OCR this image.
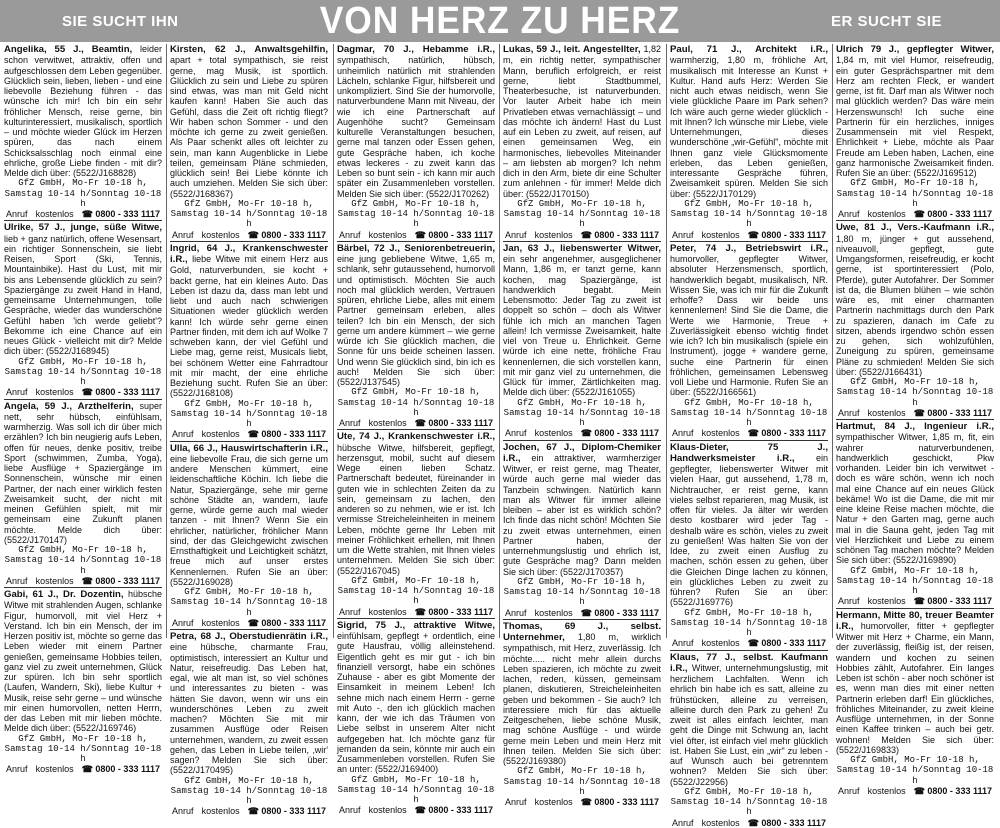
SIE SUCHT IHN	VON HERZ ZU HERZ	ER SUCHT SIE

Angelika, 55 J., Beamtin, leider schon verwitwet, attraktiv, offen und aufgeschlossen dem Leben gegenüber. Glücklich sein, lieben, lieben - und eine liebevolle Beziehung führen - das wünsche ich mir! Ich bin ein sehr fröhlicher Mensch, reise gerne, bin kulturinteressiert, musikalisch, sportlich – und möchte wieder Glück im Herzen spüren, das nach einem Schicksalsschlag noch einmal eine ehrliche, große Liebe finden - mit dir? Melde dich über: (5522/J168828)

GfZ GmbH, Mo-Fr 10-18 h,
Samstag 10-14 h/Sonntag 10-18 h
Anruf kostenlos ☎ 0800 - 333 1117

Ulrike, 57 J., junge, süße Witwe, lieb + ganz natürlich, offene Wesensart, ein richtiger Sonnenschein, sie liebt Reisen, Sport (Ski, Tennis, Mountainbike). Hast du Lust, mit mir bis ans Lebensende glücklich zu sein? Spaziergänge zu zweit Hand in Hand, gemeinsame Unternehmungen, tolle Gespräche, wieder das wunderschöne Gefühl haben 'ich werde geliebt'? Bekomme ich eine Chance auf ein neues Glück - vielleicht mit dir? Melde dich über: (5522/J168945)

GfZ GmbH, Mo-Fr 10-18 h,
Samstag 10-14 h/Sonntag 10-18 h
Anruf kostenlos ☎ 0800 - 333 1117

Angela, 59 J., Arzthelferin, super nett, sehr hübsch, einfühlsam, warmherzig. Was soll ich dir über mich erzählen? Ich bin neugierig aufs Leben, offen für neues, denke positiv, treibe Sport (schwimmen, Zumba, Yoga), liebe Ausflüge + Spaziergänge im Sonnenschein, wünsche mir einen Partner, der nach einer wirklich festen Zweisamkeit sucht, der nicht mit meinen Gefühlen spielt, mit mir gemeinsam eine Zukunft planen möchte. Melde dich über: (5522/J170147)

GfZ GmbH, Mo-Fr 10-18 h,
Samstag 10-14 h/Sonntag 10-18 h
Anruf kostenlos ☎ 0800 - 333 1117

Gabi, 61 J., Dr. Dozentin, hübsche Witwe mit strahlenden Augen, schlanke Figur, humorvoll, mit viel Herz + Verstand. Ich bin ein Mensch, der im Herzen positiv ist, möchte so gerne das Leben wieder mit einem Partner genießen, gemeinsame Hobbies teilen, ganz viel zu zweit unternehmen, Glück zur spüren. Ich bin sehr sportlich (Laufen, Wandern, Ski), liebe Kultur + Musik, reise sehr gerne – und wünsche mir einen humorvollen, netten Herrn, der das Leben mit mir lieben möchte. Melde dich über: (5522/J169746)

GfZ GmbH, Mo-Fr 10-18 h,
Samstag 10-14 h/Sonntag 10-18 h
Anruf kostenlos ☎ 0800 - 333 1117

Kirsten, 62 J., Anwaltsgehilfin, apart + total sympathisch, sie reist gerne, mag Musik, ist sportlich. Glücklich zu sein und Liebe zu spüren sind etwas, was man mit Geld nicht kaufen kann! Haben Sie auch das Gefühl, dass die Zeit oft richtig fliegt? Wir haben schon Sommer - und den möchte ich gerne zu zweit genießen. Als Paar schenkt alles oft leichter zu sein, man kann Augenblicke in Liebe teilen, gemeinsam Pläne schmieden, glücklich sein! Bei Liebe könnte ich auch umziehen. Melden Sie sich über: (5522/J168367)

GfZ GmbH, Mo-Fr 10-18 h,
Samstag 10-14 h/Sonntag 10-18 h
Anruf kostenlos ☎ 0800 - 333 1117

Ingrid, 64 J., Krankenschwester i.R., liebe Witwe mit einem Herz aus Gold, naturverbunden, sie kocht + backt gerne, hat ein kleines Auto. Das Leben ist dazu da, dass man lebt und liebt und auch nach schwierigen Situationen wieder glücklich werden kann! Ich würde sehr gerne einen Partner finden, mit dem ich auf Wolke 7 schweben kann, der viel Gefühl und Liebe mag, gerne reist, Musicals liebt, bei schönem Wetter eine Fahrradtour mit mir macht, der eine ehrliche Beziehung sucht. Rufen Sie an über: (5522/J168108)

GfZ GmbH, Mo-Fr 10-18 h,
Samstag 10-14 h/Sonntag 10-18 h
Anruf kostenlos ☎ 0800 - 333 1117

Ulla, 66 J., Hauswirtschafterin i.R., eine liebevolle Frau, die sich gerne um andere Menschen kümmert, eine leidenschaftliche Köchin. Ich liebe die Natur, Spaziergänge, sehe mir gerne schöne Städte an, wandern, laufe gerne, würde gerne auch mal wieder tanzen - mit Ihnen? Wenn Sie ein ehrlicher, natürlicher, fröhlicher Mann sind, der das Gleichgewicht zwischen Ernsthaftigkeit und Leichtigkeit schätzt, freue mich auf unser erstes Kennenlernen. Rufen Sie an über: (5522/J169028)

GfZ GmbH, Mo-Fr 10-18 h,
Samstag 10-14 h/Sonntag 10-18 h
Anruf kostenlos ☎ 0800 - 333 1117

Petra, 68 J., Oberstudienrätin i.R., eine hübsche, charmante Frau, optimistisch, interessiert an Kultur und Natur, reisefreudig. Das Leben hat, egal, wie alt man ist, so viel schönes und interessantes zu bieten - was hätten Sie davon, wenn wir uns ein wunderschönes Leben zu zweit machen? Möchten Sie mit mir zusammen Ausflüge oder Reisen unternehmen, wandern, zu zweit essen gehen, das Leben in Liebe teilen, ‚wir' sagen? Melden Sie sich über: (5522/J170495)

GfZ GmbH, Mo-Fr 10-18 h,
Samstag 10-14 h/Sonntag 10-18 h
Anruf kostenlos ☎ 0800 - 333 1117

Dagmar, 70 J., Hebamme i.R., sympathisch, natürlich, hübsch, unheimlich natürlich mit strahlenden Lächeln, schlanke Figur, hilfsbereit und unkompliziert. Sind Sie der humorvolle, naturverbundene Mann mit Niveau, der wie ich eine Partnerschaft auf Augenhöhe sucht? Gemeinsam kulturelle Veranstaltungen besuchen, gerne mal tanzen oder Essen gehen, gute Gespräche haben, ich koche etwas leckeres - zu zweit kann das Leben so bunt sein - ich kann mir auch später ein Zusammenleben vorstellen. Melden Sie sich über: (5522/J170262)

GfZ GmbH, Mo-Fr 10-18 h,
Samstag 10-14 h/Sonntag 10-18 h
Anruf kostenlos ☎ 0800 - 333 1117

Bärbel, 72 J., Seniorenbetreuerin, eine jung gebliebene Witwe, 1,65 m, schlank, sehr gutaussehend, humorvoll und optimistisch. Möchten Sie auch noch mal glücklich werden, Vertrauen spüren, ehrliche Liebe, alles mit einem Partner gemeinsam erleben, alles teilen? Ich bin ein Mensch, der sich gerne um andere kümmert – wie gerne würde ich Sie glücklich machen, die Sonne für uns beide scheinen lassen. Und wenn Sie glücklich sind, bin ich es auch! Melden Sie sich über: (5522/J137545)

GfZ GmbH, Mo-Fr 10-18 h,
Samstag 10-14 h/Sonntag 10-18 h
Anruf kostenlos ☎ 0800 - 333 1117

Ute, 74 J., Krankenschwester i.R., hübsche Witwe, hilfsbereit, gepflegt, herzensgut, mobil, sucht auf diesem Wege einen lieben Schatz. Partnerschaft bedeutet, füreinander in guten wie in schlechten Zeiten da zu sein, gemeinsam zu lachen, den anderen so zu nehmen, wie er ist. Ich vermisse Streicheleinheiten in meinem Leben, möchte gerne Ihr Leben mit meiner Fröhlichkeit erhellen, mit Ihnen um die Wette strahlen, mit Ihnen vieles unternehmen. Melden Sie sich über: (5522/J167045)

GfZ GmbH, Mo-Fr 10-18 h,
Samstag 10-14 h/Sonntag 10-18 h
Anruf kostenlos ☎ 0800 - 333 1117

Sigrid, 75 J., attraktive Witwe, einfühlsam, gepflegt + ordentlich, eine gute Hausfrau, völlig alleinstehend. Eigentlich geht es mir gut - ich bin finanziell versorgt, habe ein schönes Zuhause - aber es gibt Momente der Einsamkeit in meinem Leben! Ich sehne mich nach einem Herrn - gerne mit Auto -, den ich glücklich machen kann, der wie ich das Träumen von Liebe selbst in unserem Alter nicht aufgegeben hat. Ich möchte ganz für jemanden da sein, könnte mir auch ein Zusammenleben vorstellen. Rufen Sie an unter: (5522/J169400)

GfZ GmbH, Mo-Fr 10-18 h,
Samstag 10-14 h/Sonntag 10-18 h
Anruf kostenlos ☎ 0800 - 333 1117

Lukas, 59 J., leit. Angestellter, 1,82 m, ein richtig netter, sympathischer Mann, beruflich erfolgreich, er reist gerne, liebt Stadtbummel, Theaterbesuche, ist naturverbunden. Vor lauter Arbeit habe ich mein Privatleben etwas vernachlässigt – und das möchte ich ändern! Hast du Lust auf ein Leben zu zweit, auf reisen, auf einen gemeinsamen Weg, ein harmonisches, liebevolles Miteinander – am liebsten ab morgen? Ich nehm dich in den Arm, biete dir eine Schulter zum anlehnen - für immer! Melde dich über: (5522/J170150)

GfZ GmbH, Mo-Fr 10-18 h,
Samstag 10-14 h/Sonntag 10-18 h
Anruf kostenlos ☎ 0800 - 333 1117

Jan, 63 J., liebenswerter Witwer, ein sehr angenehmer, ausgeglichener Mann, 1,86 m, er tanzt gerne, kann kochen, mag Spaziergänge, ist handwerklich begabt. Mein Lebensmotto: Jeder Tag zu zweit ist doppelt so schön – doch als Witwer fühle ich mich an manchen Tagen allein! Ich vermisse Zweisamkeit, halte viel von Treue u. Ehrlichkeit. Gerne würde ich eine nette, fröhliche Frau kennenlernen, die sich vorstellen kann, mit mir ganz viel zu unternehmen, die Glück für immer, Zärtlichkeiten mag. Melde dich über: (5522/J161055)

GfZ GmbH, Mo-Fr 10-18 h,
Samstag 10-14 h/Sonntag 10-18 h
Anruf kostenlos ☎ 0800 - 333 1117

Jochen, 67 J., Diplom-Chemiker i.R., ein attraktiver, warmherziger Witwer, er reist gerne, mag Theater, würde auch gerne mal wieder das Tanzbein schwingen. Natürlich kann man als Witwer für immer alleine bleiben – aber ist es wirklich schön? Ich finde das nicht schön! Möchten Sie zu zweit etwas unternehmen, einen Partner haben, der unternehmungslustig und ehrlich ist, gute Gespräche mag? Dann melden Sie sich über: (5522/J170357)

GfZ GmbH, Mo-Fr 10-18 h,
Samstag 10-14 h/Sonntag 10-18 h
Anruf kostenlos ☎ 0800 - 333 1117

Thomas, 69 J., selbst. Unternehmer, 1,80 m, wirklich sympathisch, mit Herz, zuverlässig. Ich möchte..... nicht mehr allein durchs Leben spazieren, ich möchte zu zweit lachen, reden, küssen, gemeinsam planen, diskutieren, Streicheleinheiten geben und bekommen - Sie auch? Ich interessiere mich für das aktuelle Zeitgeschehen, liebe schöne Musik, mag schöne Ausflüge - und würde gerne mein Leben und mein Herz mit Ihnen teilen. Melden Sie sich über: (5522/J169380)

GfZ GmbH, Mo-Fr 10-18 h,
Samstag 10-14 h/Sonntag 10-18 h
Anruf kostenlos ☎ 0800 - 333 1117

Paul, 71 J., Architekt i.R., warmherzig, 1,80 m, fröhliche Art, musikalisch mit Interesse an Kunst + Kultur. Hand aufs Herz: Werden Sie nicht auch etwas neidisch, wenn Sie viele glückliche Paare im Park sehen? Ich wäre auch gerne wieder glücklich - mit Ihnen? Ich wünsche mir Liebe, viele Unternehmungen, dieses wunderschöne „wir-Gefühl", möchte mit Ihnen ganz viele Glücksmomente erleben, das Leben genießen, interessante Gespräche führen, Zweisamkeit spüren. Melden Sie sich über: (5522/J170129)

GfZ GmbH, Mo-Fr 10-18 h,
Samstag 10-14 h/Sonntag 10-18 h
Anruf kostenlos ☎ 0800 - 333 1117

Peter, 74 J., Betriebswirt i.R., humorvoller, gepflegter Witwer, absoluter Herzensmensch, sportlich, handwerklich begabt, musikalisch, NR. Wissen Sie, was ich mir für die Zukunft erhoffe? Dass wir beide uns kennenlernen! Sind Sie die Dame, die Werte wie Harmonie, Treue + Zuverlässigkeit ebenso wichtig findet wie ich? Ich bin musikalisch (spiele ein Instrument), jogge + wandere gerne, suche eine Partnerin für einen fröhlichen, gemeinsamen Lebensweg voll Liebe und Harmonie. Rufen Sie an über: (5522/J166561)

GfZ GmbH, Mo-Fr 10-18 h,
Samstag 10-14 h/Sonntag 10-18 h
Anruf kostenlos ☎ 0800 - 333 1117

Klaus-Dieter, 75 J., Handwerksmeister i.R., ein gepflegter, liebenswerter Witwer mit vielen Haar, gut aussehend, 1,78 m, Nichtraucher, er reist gerne, kann vieles selbst reparieren, mag Musik, ist offen für vieles. Ja älter wir werden desto kostbarer wird jeder Tag - deshalb wäre es schön, vieles zu zweit zu genießen! Was halten Sie von der Idee, zu zweit einen Ausflug zu machen, schön essen zu gehen, über die Gleichen Dinge lachen zu können, ein glückliches Leben zu zweit zu führen? Rufen Sie an über: (5522/J169776)

GfZ GmbH, Mo-Fr 10-18 h,
Samstag 10-14 h/Sonntag 10-18 h
Anruf kostenlos ☎ 0800 - 333 1117

Klaus, 77 J., selbst. Kaufmann i.R., Witwer, unternehmungslustig, mit herzlichem Lachfalten. Wenn ich ehrlich bin habe ich es satt, alleine zu frühstücken, alleine zu verreisen, alleine durch den Park zu gehen! Zu zweit ist alles einfach leichter, man geht die Dinge mit Schwung an, lacht viel öfter, ist einfach viel mehr glücklich ist. Haben Sie Lust, ein „wir" zu leben - auf Wunsch auch bei getrenntem wohnen? Melden Sie sich über: (5522/J22956)

GfZ GmbH, Mo-Fr 10-18 h,
Samstag 10-14 h/Sonntag 10-18 h
Anruf kostenlos ☎ 0800 - 333 1117

Ulrich 79 J., gepflegter Witwer, 1,84 m, mit viel Humor, reisefreudig, ein guter Gesprächspartner mit dem Herz am rechten Fleck, er wandert gerne, ist fit. Darf man als Witwer noch mal glücklich werden? Das wäre mein Herzenswunsch! Ich suche eine Partnerin für ein herzliches, inniges Zusammensein mit viel Respekt, Ehrlichkeit + Liebe, möchte als Paar Freude am Leben haben, Lachen, eine ganz harmonische Zweisamkeit finden. Rufen Sie an über: (5522/J169512)

GfZ GmbH, Mo-Fr 10-18 h,
Samstag 10-14 h/Sonntag 10-18 h
Anruf kostenlos ☎ 0800 - 333 1117

Uwe, 81 J., Vers.-Kaufmann i.R., 1,80 m, jünger + gut aussehend, niveauvoll, gepflegt, gute Umgangsformen, reisefreudig, er kocht gerne, ist sportinteressiert (Polo, Pferde), guter Autofahrer. Der Sommer ist da, die Blumen blühen – wie schön wäre es, mit einer charmanten Partnerin nachmittags durch den Park zu spazieren, danach im Cafe zu sitzen, abends irgendwo schön essen zu gehen, sich wohlzufühlen, Zuneigung zu spüren, gemeinsame Pläne zu schmieden! Melden Sie sich über: (5522/J166431)

GfZ GmbH, Mo-Fr 10-18 h,
Samstag 10-14 h/Sonntag 10-18 h
Anruf kostenlos ☎ 0800 - 333 1117

Hartmut, 84 J., Ingenieur i.R., sympathischer Witwer, 1,85 m, fit, ein wahrer naturverbundenen, handwerklich geschickt, Pkw vorhanden. Leider bin ich verwitwet - doch es wäre schön, wenn ich noch mal eine Chance auf ein neues Glück bekäme! Wo ist die Dame, die mit mir eine kleine Reise machen möchte, die Natur + den Garten mag, gerne auch mal in die Sauna geht, jeden Tag mit viel Herzlichkeit und Liebe zu einem schönen Tag machen möchte? Melden Sie sich über: (5522/J169890)

GfZ GmbH, Mo-Fr 10-18 h,
Samstag 10-14 h/Sonntag 10-18 h
Anruf kostenlos ☎ 0800 - 333 1117

Hermann, Mitte 80, treuer Beamter i.R., humorvoller, fitter + gepflegter Witwer mit Herz + Charme, ein Mann, der zuverlässig, fleißig ist, der reisen, wandern und kochen zu seinen Hobbies zählt, Autofahrer. Ein langes Leben ist schön - aber noch schöner ist es, wenn man dies mit einer netten Partnerin erleben darf! Ein glückliches, fröhliches Miteinander, zu zweit kleine Ausflüge unternehmen, in der Sonne einen Kaffee trinken – auch bei getr. wohnen! Melden Sie sich über: (5522/J169833)

GfZ GmbH, Mo-Fr 10-18 h,
Samstag 10-14 h/Sonntag 10-18 h
Anruf kostenlos ☎ 0800 - 333 1117
